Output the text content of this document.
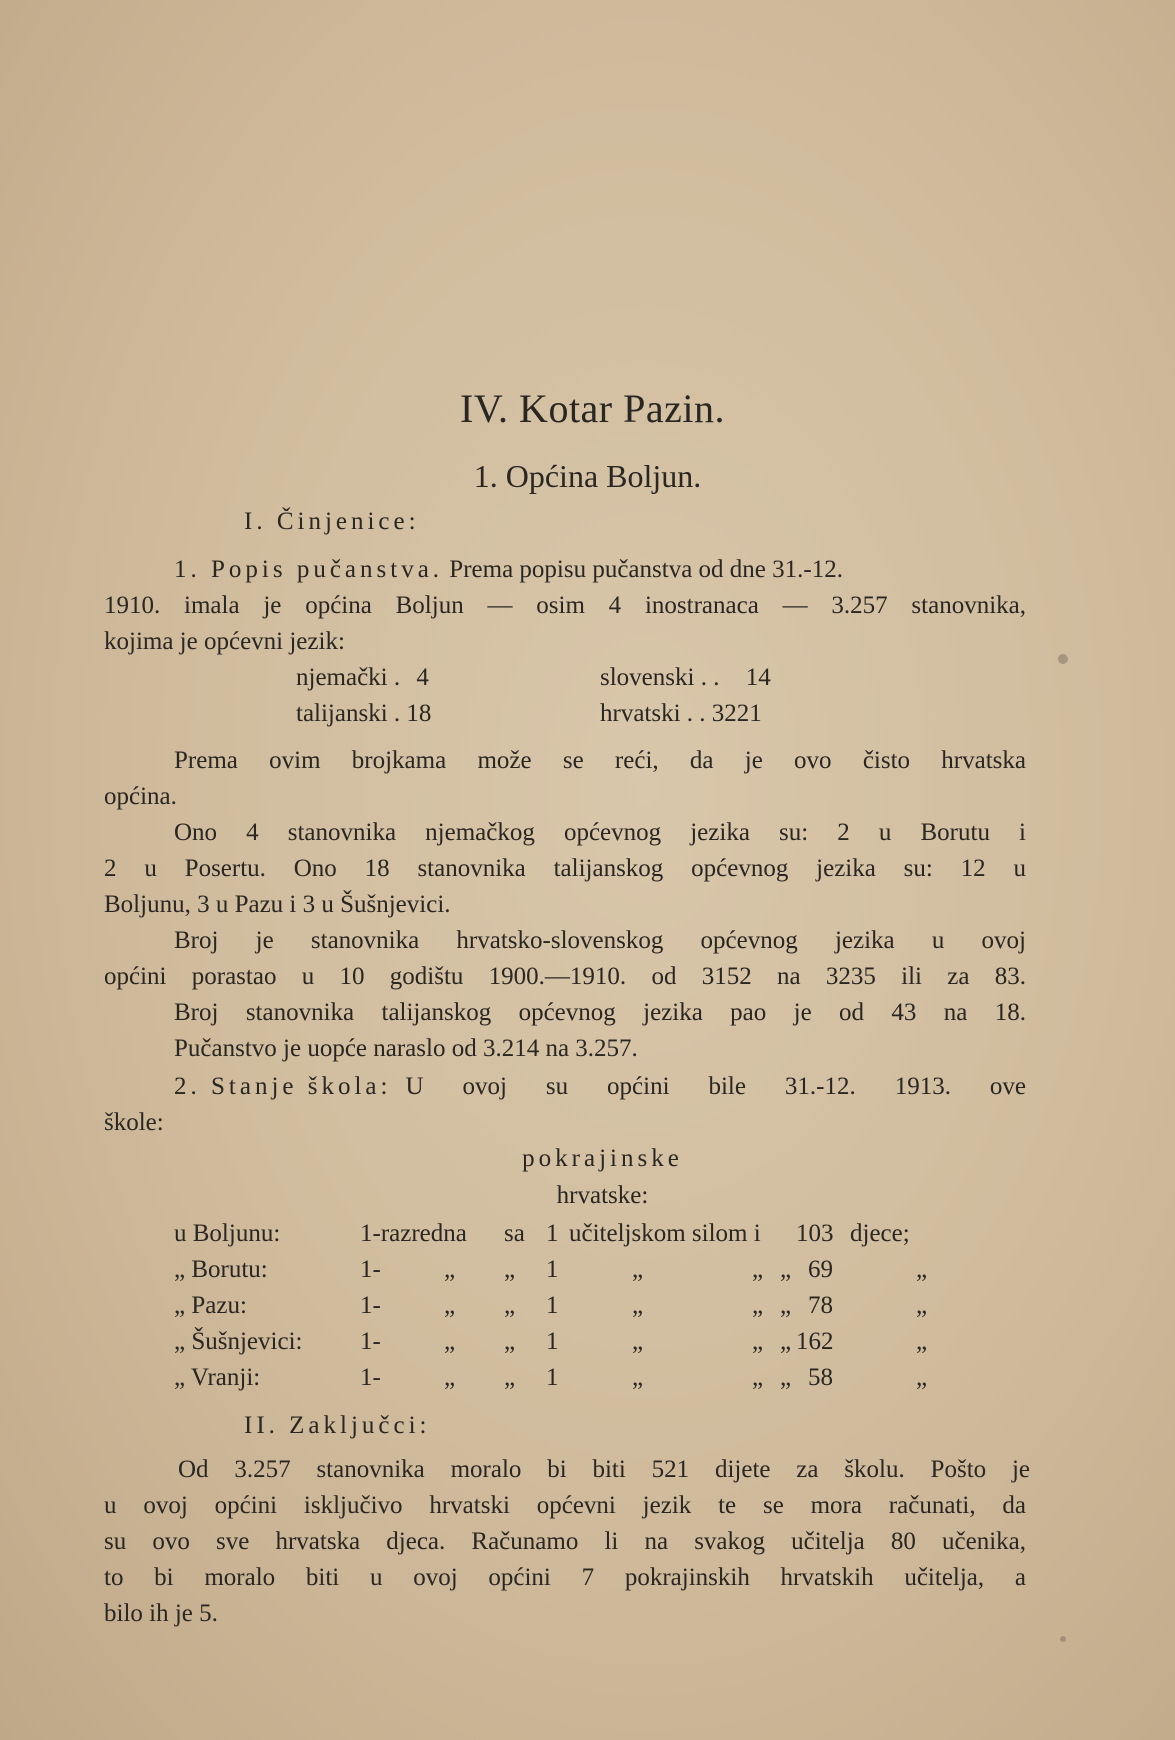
IV. Kotar Pazin.
1. Općina Boljun.
I. Činjenice:
1. Popis pučanstva. Prema popisu pučanstva od dne 31.-12.
1910. imala je općina Boljun — osim 4 inostranaca — 3.257 stanovnika,
kojima je općevni jezik:
njemački . 4	slovenski . . 14
talijanski . 18	hrvatski . . 3221
Prema ovim brojkama može se reći, da je ovo čisto hrvatska
općina.
Ono 4 stanovnika njemačkog općevnog jezika su: 2 u Borutu i
2 u Posertu. Ono 18 stanovnika talijanskog općevnog jezika su: 12 u
Boljunu, 3 u Pazu i 3 u Šušnjevici.
Broj je stanovnika hrvatsko-slovenskog općevnog jezika u ovoj
općini porastao u 10 godištu 1900.—1910. od 3152 na 3235 ili za 83.
Broj stanovnika talijanskog općevnog jezika pao je od 43 na 18.
Pučanstvo je uopće naraslo od 3.214 na 3.257.
2. Stanje škola: U ovoj su općini bile 31.-12. 1913. ove
škole:
pokrajinske
hrvatske:
u Boljunu:	1-razredna sa 1 učiteljskom silom i 103 djece;
„ Borutu:	1-	„ „ 1	„	„ „ 69	„
„ Pazu:	1-	„ „ 1	„	„ „ 78	„
„ Šušnjevici: 1-	„ „ 1	„	„ „ 162	„
„ Vranji:	1-	„ „ 1	„	„ „ 58	„
II. Zaključci:
Od 3.257 stanovnika moralo bi biti 521 dijete za školu. Pošto je
u ovoj općini isključivo hrvatski općevni jezik te se mora računati, da
su ovo sve hrvatska djeca. Računamo li na svakog učitelja 80 učenika,
to bi moralo biti u ovoj općini 7 pokrajinskih hrvatskih učitelja, a
bilo ih je 5.
